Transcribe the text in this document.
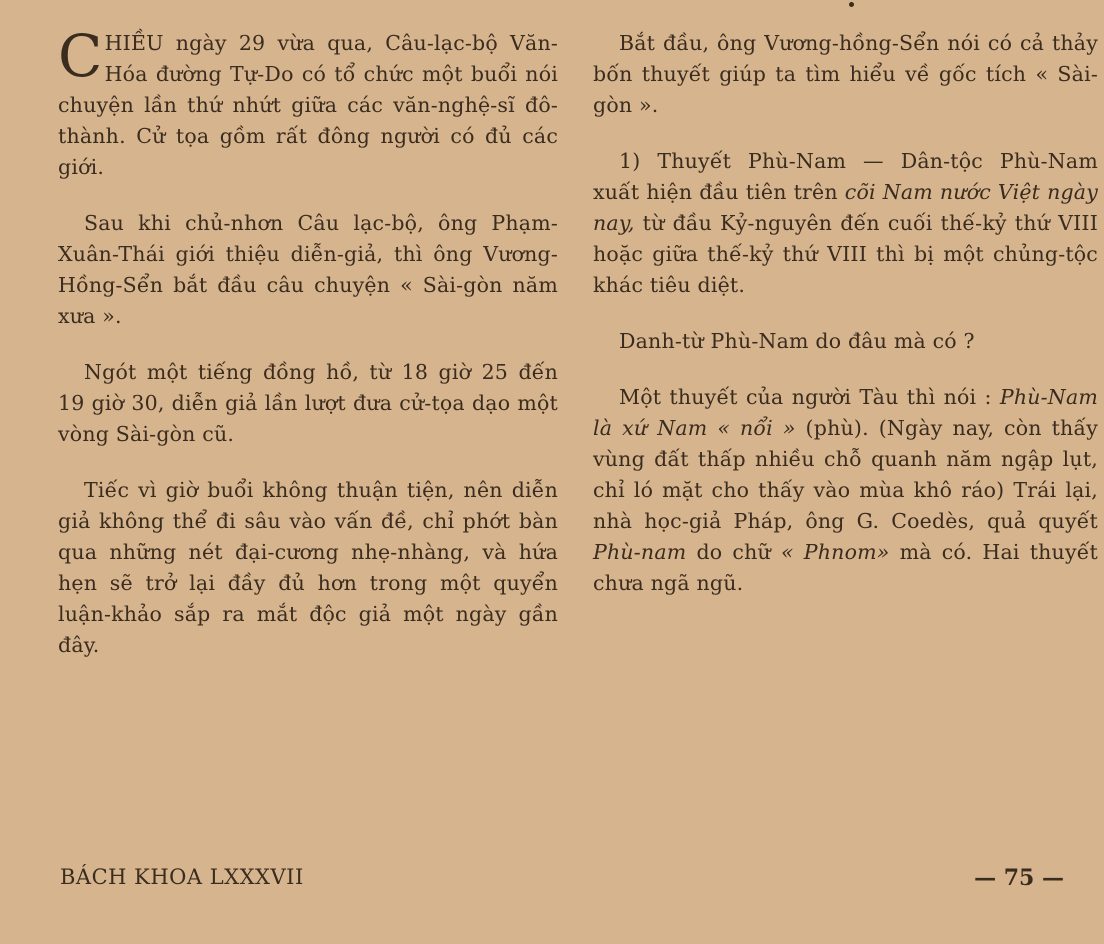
CHIỀU ngày 29 vừa qua, Câu-lạc-bộ Văn-Hóa đường Tự-Do có tổ chức một buổi nói chuyện lần thứ nhứt giữa các văn-nghệ-sĩ đô-thành. Cử tọa gồm rất đông người có đủ các giới.

Sau khi chủ-nhơn Câu lạc-bộ, ông Phạm-Xuân-Thái giới thiệu diễn-giả, thì ông Vương-Hồng-Sển bắt đầu câu chuyện « Sài-gòn năm xưa ».

Ngót một tiếng đồng hồ, từ 18 giờ 25 đến 19 giờ 30, diễn giả lần lượt đưa cử-tọa dạo một vòng Sài-gòn cũ.

Tiếc vì giờ buổi không thuận tiện, nên diễn giả không thể đi sâu vào vấn đề, chỉ phớt bàn qua những nét đại-cương nhẹ-nhàng, và hứa hẹn sẽ trở lại đầy đủ hơn trong một quyển luận-khảo sắp ra mắt độc giả một ngày gần đây.

Bắt đầu, ông Vương-hồng-Sển nói có cả thảy bốn thuyết giúp ta tìm hiểu về gốc tích « Sài-gòn ».

1) Thuyết Phù-Nam — Dân-tộc Phù-Nam xuất hiện đầu tiên trên cõi Nam nước Việt ngày nay, từ đầu Kỷ-nguyên đến cuối thế-kỷ thứ VIII hoặc giữa thế-kỷ thứ VIII thì bị một chủng-tộc khác tiêu diệt.

Danh-từ Phù-Nam do đâu mà có ?

Một thuyết của người Tàu thì nói : Phù-Nam là xứ Nam « nổi » (phù). (Ngày nay, còn thấy vùng đất thấp nhiều chỗ quanh năm ngập lụt, chỉ ló mặt cho thấy vào mùa khô ráo) Trái lại, nhà học-giả Pháp, ông G. Coedès, quả quyết Phù-nam do chữ « Phnom» mà có. Hai thuyết chưa ngã ngũ.

BÁCH KHOA LXXXVII	— 75 —
